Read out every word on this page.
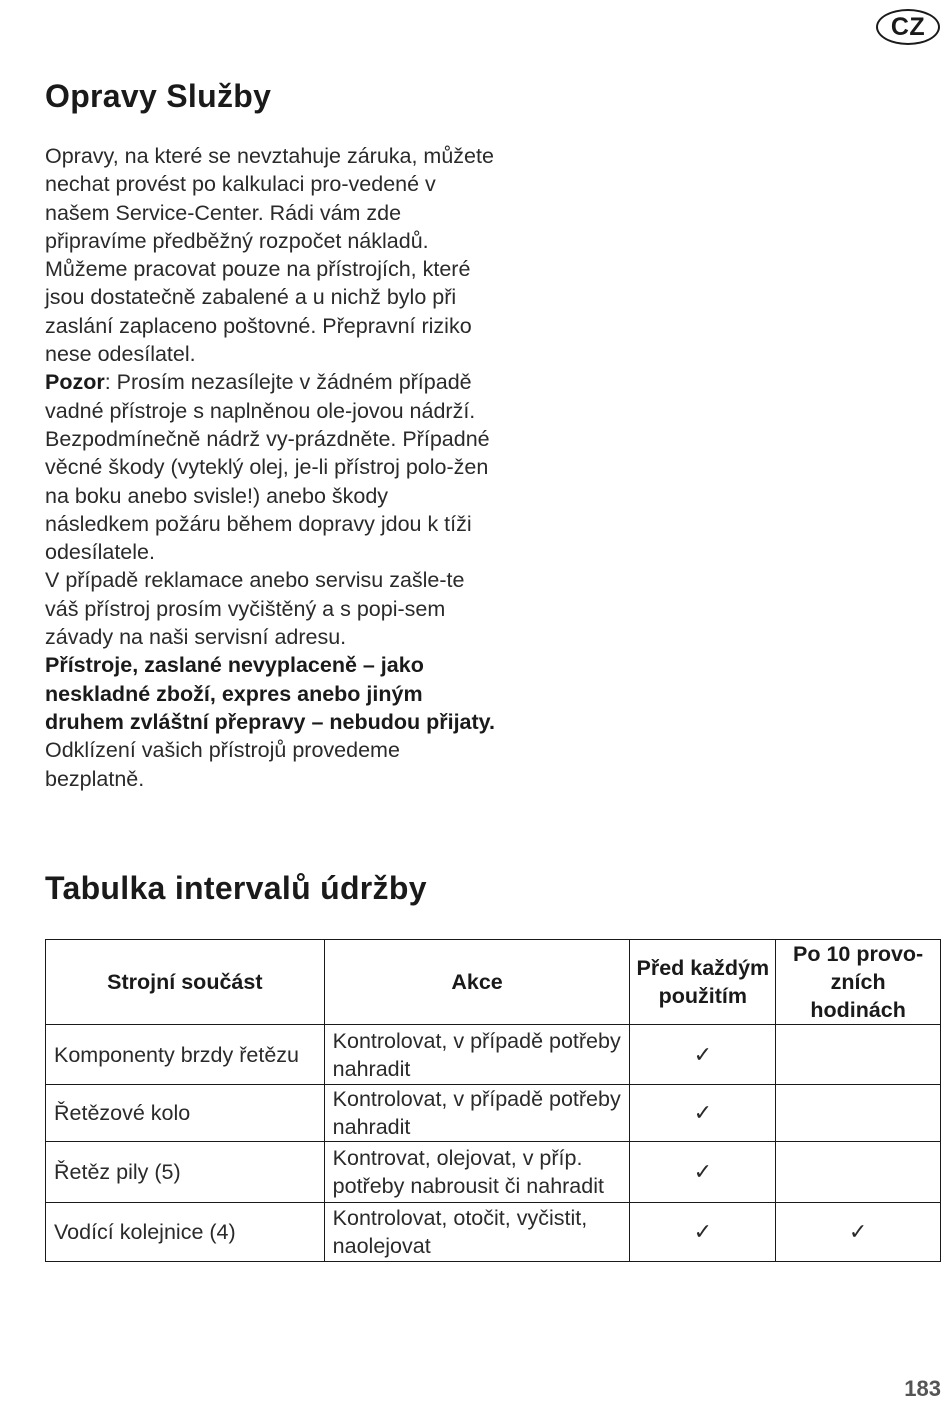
CZ
Opravy Služby

Opravy, na které se nevztahuje záruka, můžete nechat provést po kalkulaci pro-vedené v našem Service-Center. Rádi vám zde připravíme předběžný rozpočet nákladů.

Můžeme pracovat pouze na přístrojích, které jsou dostatečně zabalené a u nichž bylo při zaslání zaplaceno poštovné. Přepravní riziko nese odesílatel.

Pozor: Prosím nezasílejte v žádném případě vadné přístroje s naplněnou ole-jovou nádrží. Bezpodmínečně nádrž vy-prázdněte. Případné věcné škody (vyteklý olej, je-li přístroj polo-žen na boku anebo svisle!) anebo škody následkem požáru během dopravy jdou k tíži odesílatele.

V případě reklamace anebo servisu zašle-te váš přístroj prosím vyčištěný a s popi-sem závady na naši servisní adresu.

Přístroje, zaslané nevyplaceně – jako neskladné zboží, expres anebo jiným druhem zvláštní přepravy – nebudou přijaty.

Odklízení vašich přístrojů provedeme bezplatně.

Tabulka intervalů údržby
Strojní součást	Akce	Před každým použitím	Po 10 provo-zních hodinách
Komponenty brzdy řetězu	Kontrolovat, v případě potřeby nahradit	✓	
Řetězové kolo	Kontrolovat, v případě potřeby nahradit	✓	
Řetěz pily (5)	Kontrovat, olejovat, v příp. potřeby nabrousit či nahradit	✓	
Vodící kolejnice (4)	Kontrolovat, otočit, vyčistit, naolejovat	✓	✓
183
